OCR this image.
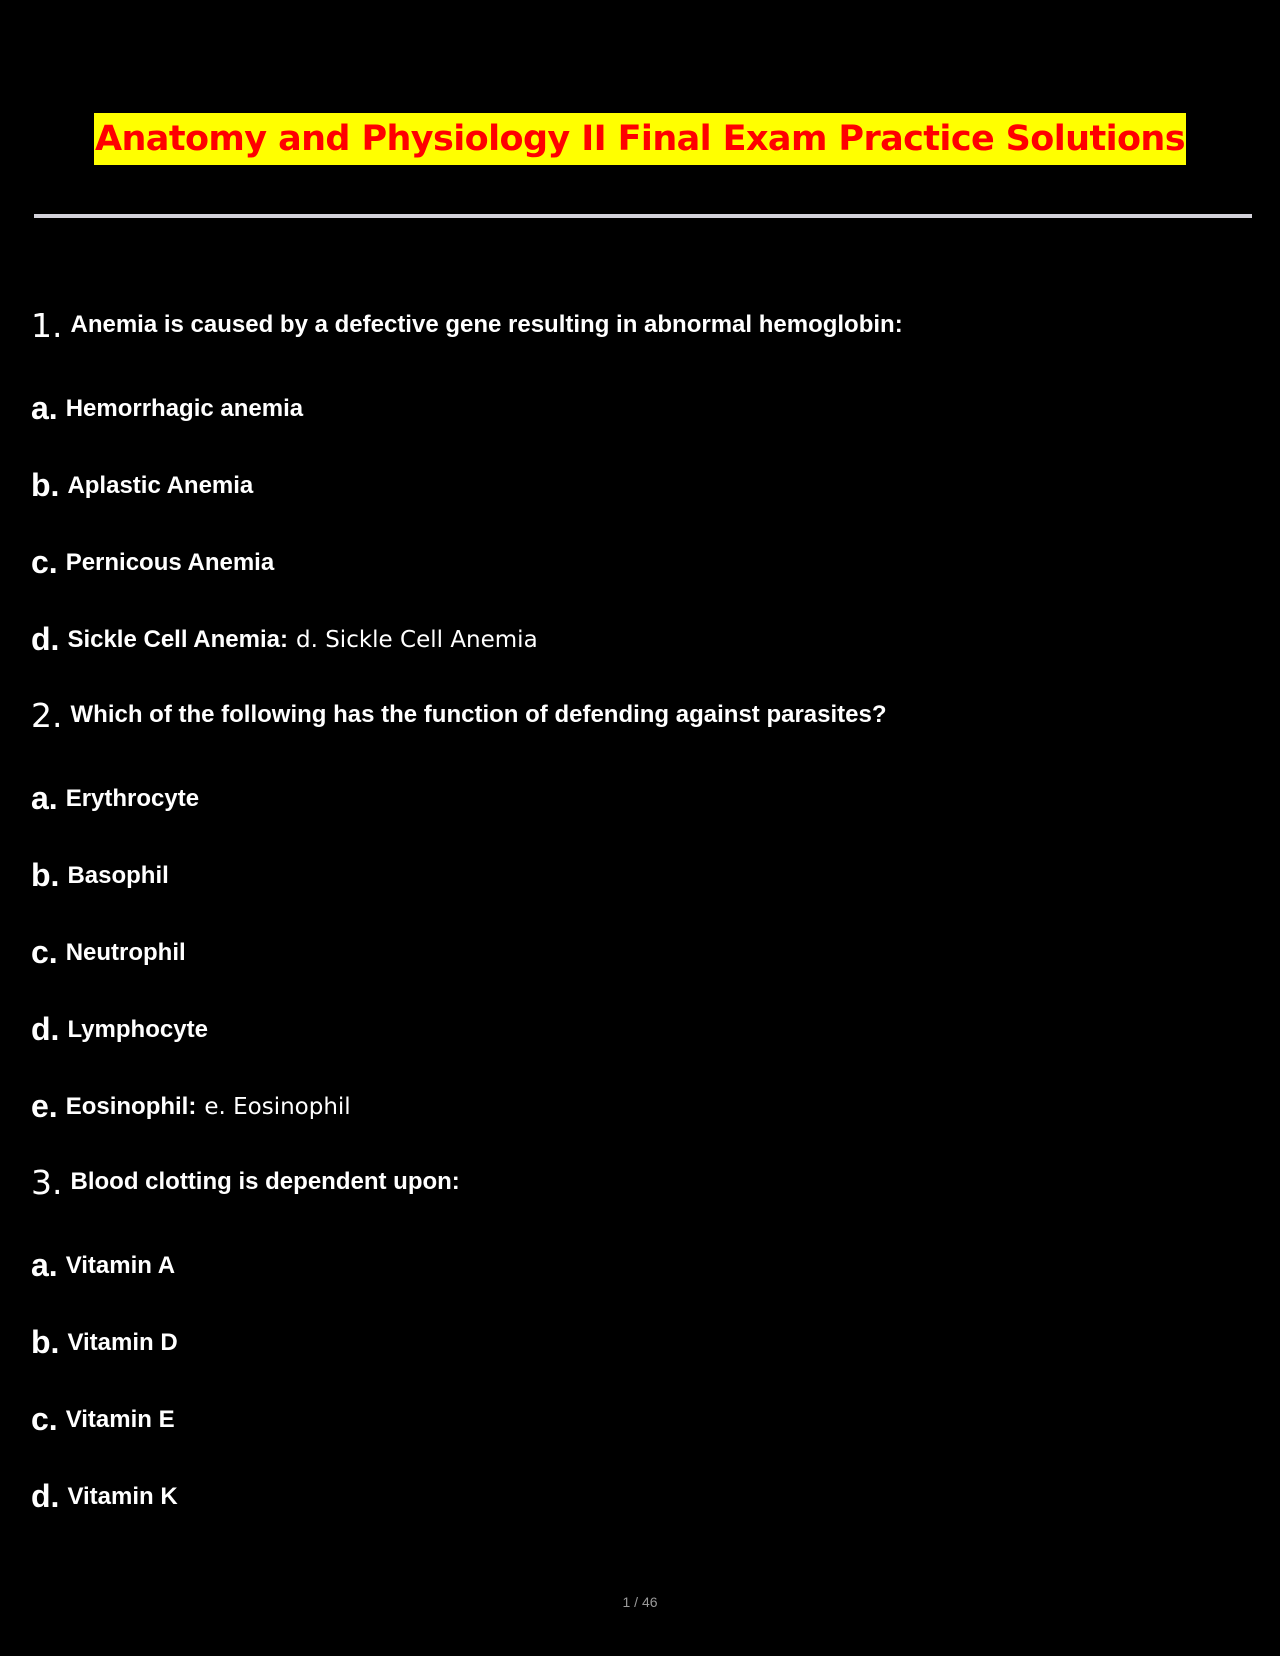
Anatomy and Physiology II Final Exam Practice Solutions
1. Anemia is caused by a defective gene resulting in abnormal hemoglobin:
a. Hemorrhagic anemia
b. Aplastic Anemia
c. Pernicous Anemia
d. Sickle Cell Anemia: d. Sickle Cell Anemia
2. Which of the following has the function of defending against parasites?
a. Erythrocyte
b. Basophil
c. Neutrophil
d. Lymphocyte
e. Eosinophil: e. Eosinophil
3. Blood clotting is dependent upon:
a. Vitamin A
b. Vitamin D
c. Vitamin E
d. Vitamin K
1 / 46
